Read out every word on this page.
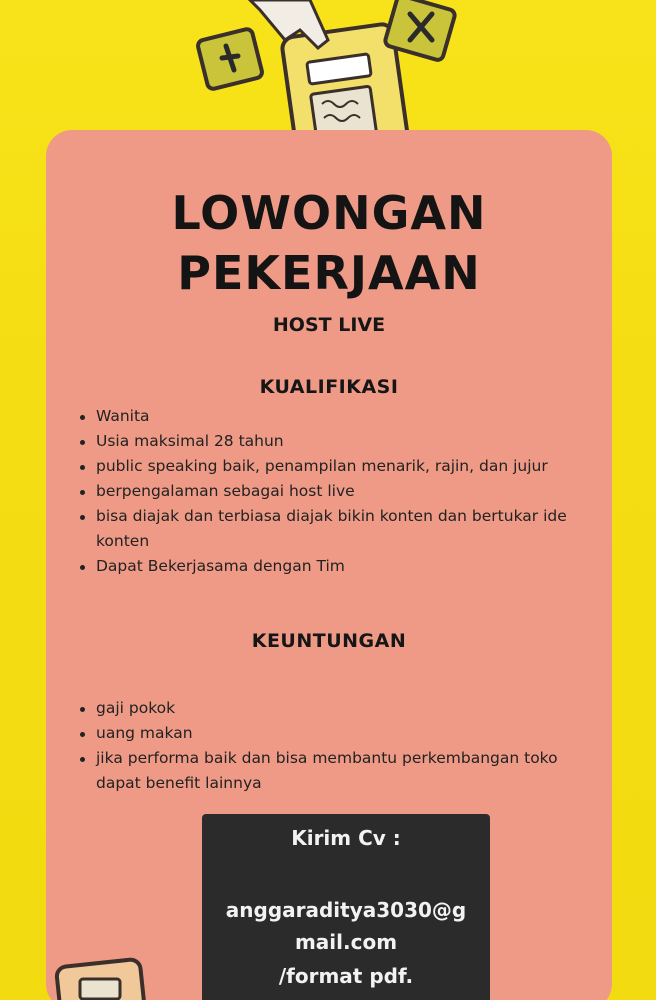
LOWONGAN
PEKERJAAN
HOST LIVE
KUALIFIKASI
Wanita
Usia maksimal 28 tahun
public speaking baik, penampilan menarik, rajin, dan jujur
berpengalaman sebagai host live
bisa diajak dan terbiasa diajak bikin konten dan bertukar ide konten
Dapat Bekerjasama dengan Tim
KEUNTUNGAN
gaji pokok
uang makan
jika performa baik dan bisa membantu perkembangan toko dapat benefit lainnya
Kirim Cv :
anggaraditya3030@g
mail.com
/format pdf.
